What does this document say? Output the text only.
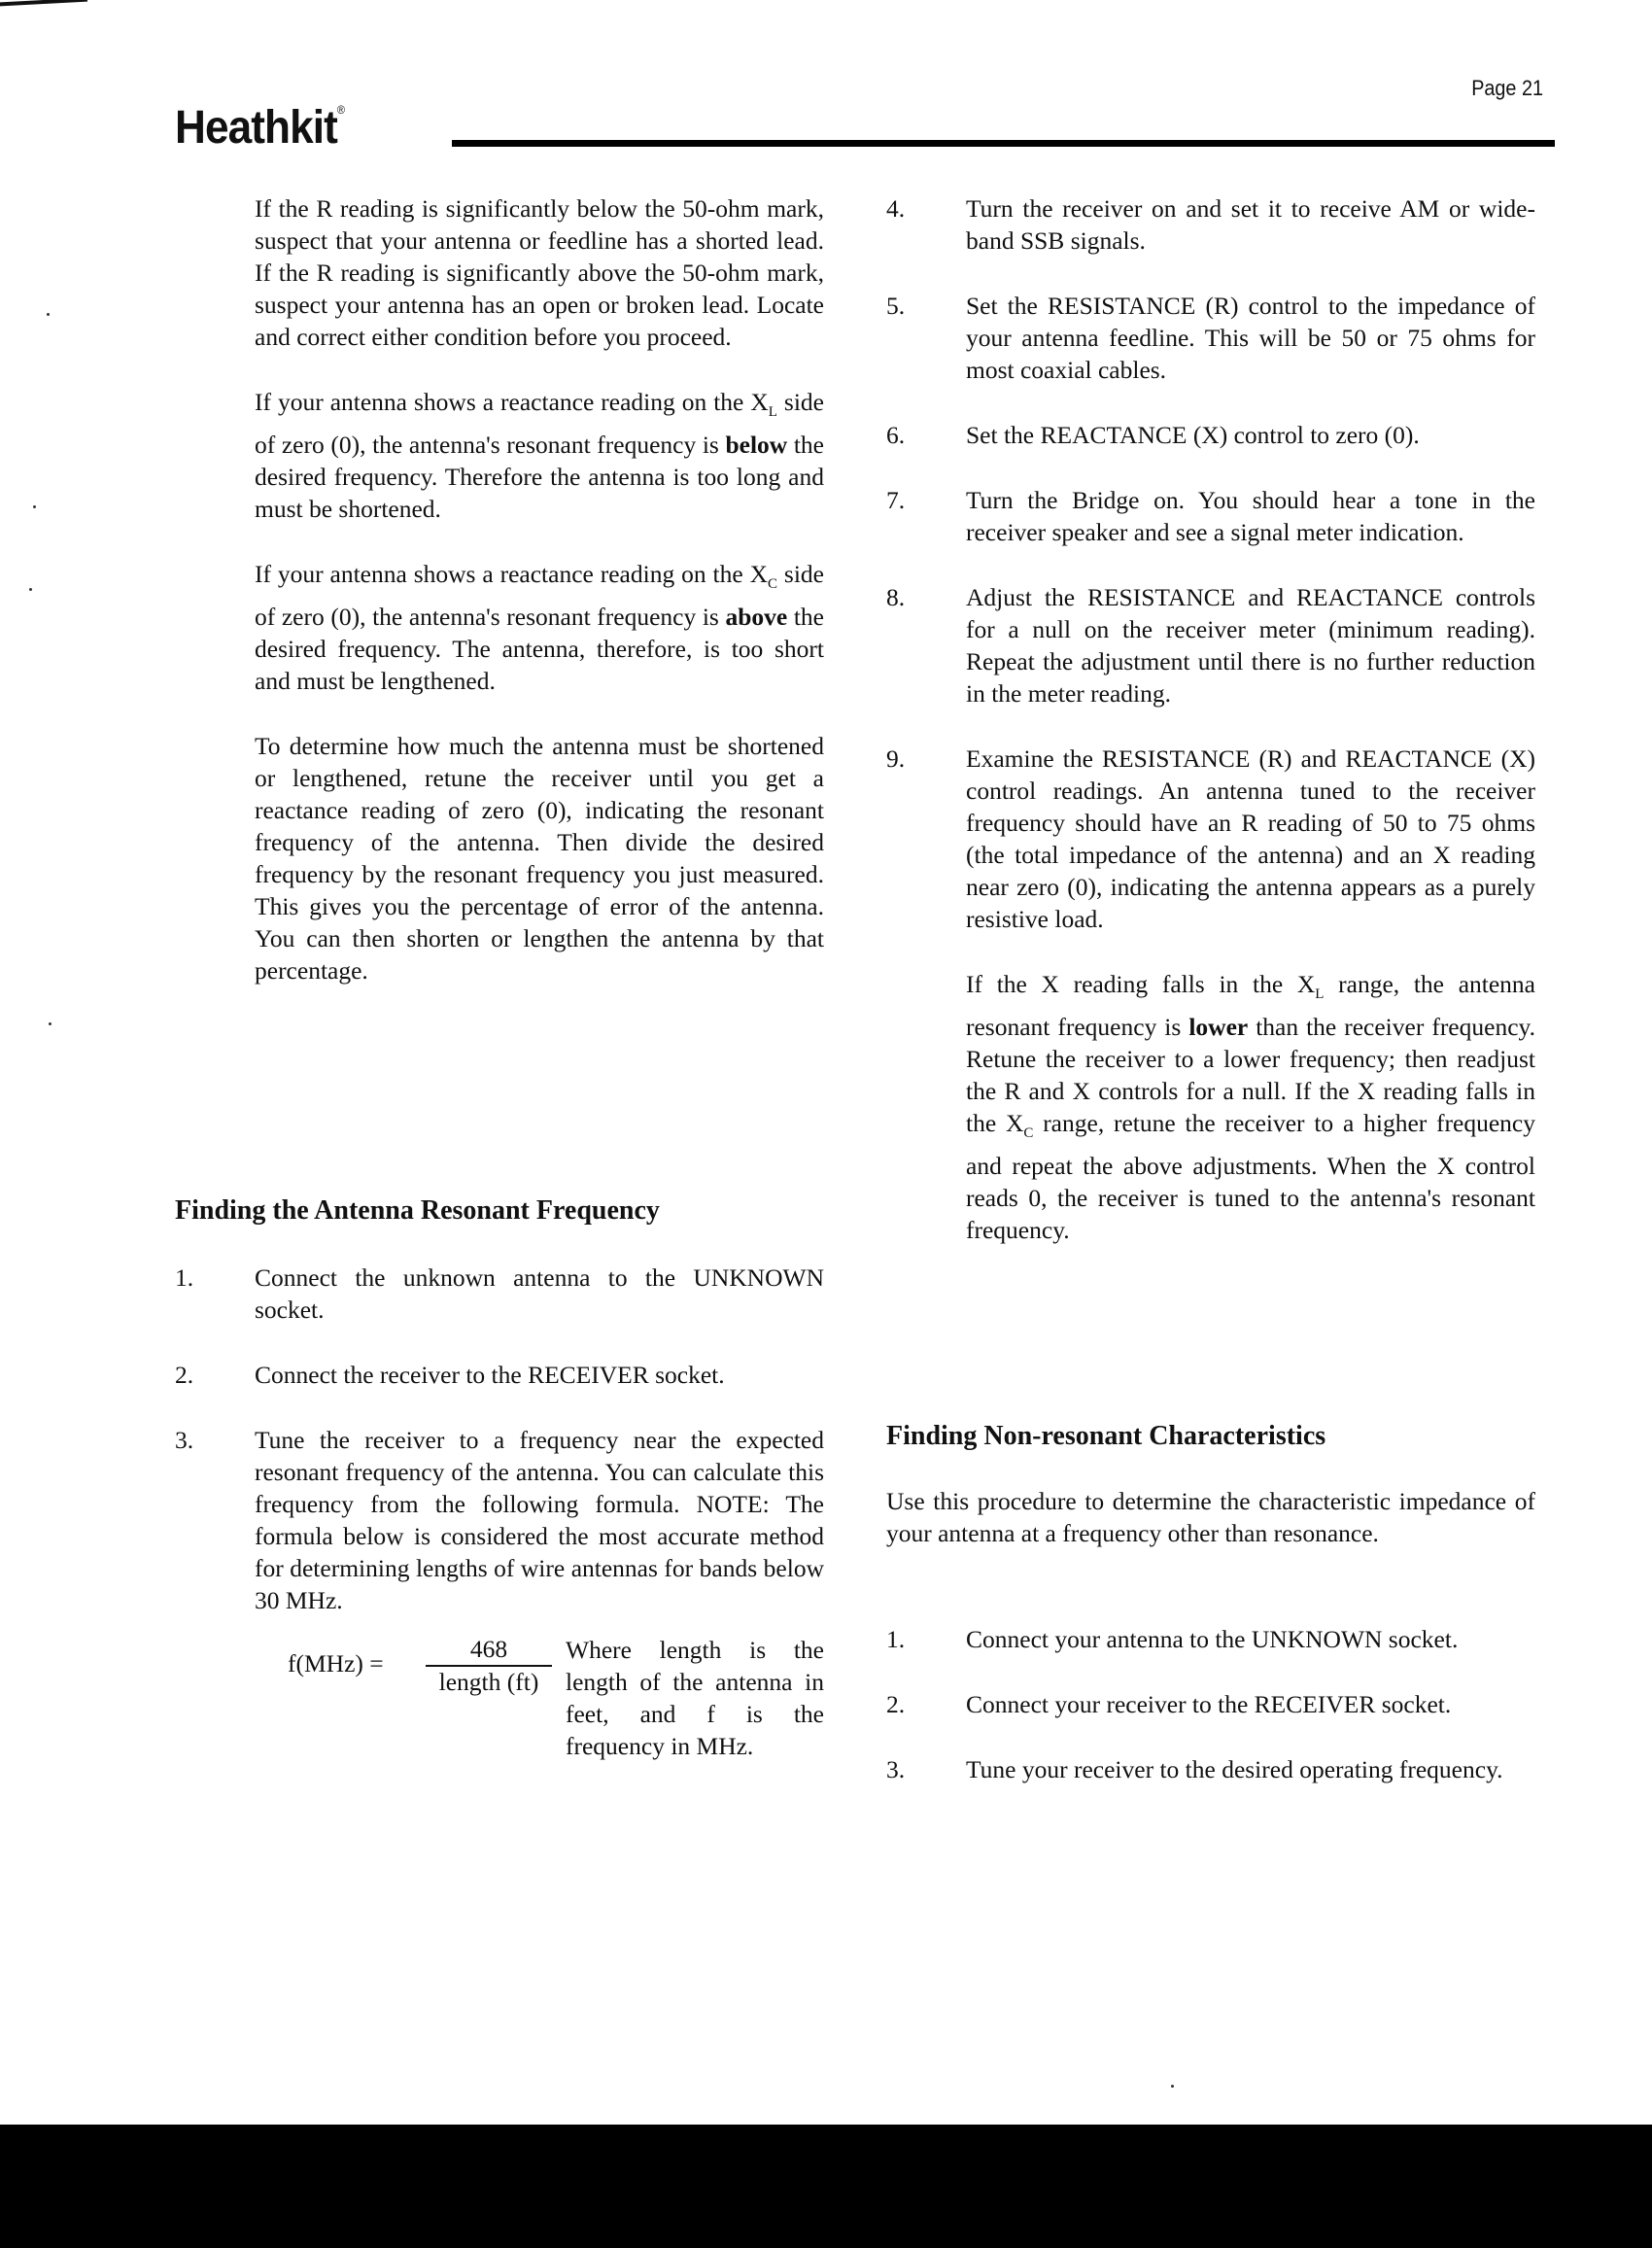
Heathkit®
Page 21

If the R reading is significantly below the 50-ohm mark, suspect that your antenna or feedline has a shorted lead. If the R reading is significantly above the 50-ohm mark, suspect your antenna has an open or broken lead. Locate and correct either condition before you proceed.

If your antenna shows a reactance reading on the $X_L$ side of zero (0), the antenna's resonant frequency is below the desired frequency. Therefore the antenna is too long and must be shortened.

If your antenna shows a reactance reading on the $X_C$ side of zero (0), the antenna's resonant frequency is above the desired frequency. The antenna, therefore, is too short and must be lengthened.

To determine how much the antenna must be shortened or lengthened, retune the receiver until you get a reactance reading of zero (0), indicating the resonant frequency of the antenna. Then divide the desired frequency by the resonant frequency you just measured. This gives you the percentage of error of the antenna. You can then shorten or lengthen the antenna by that percentage.

Finding the Antenna Resonant Frequency
1.	Connect the unknown antenna to the UNKNOWN socket.
2.	Connect the receiver to the RECEIVER socket.
3.	Tune the receiver to a frequency near the expected resonant frequency of the antenna. You can calculate this frequency from the following formula. NOTE: The formula below is considered the most accurate method for determining lengths of wire antennas for bands below 30 MHz.
f(MHz) =	$\frac{468}{\text{length (ft)}}$ Where length is the length of the antenna in feet, and f is the frequency in MHz.
4.	Turn the receiver on and set it to receive AM or wide-band SSB signals.
5.	Set the RESISTANCE (R) control to the impedance of your antenna feedline. This will be 50 or 75 ohms for most coaxial cables.
6.	Set the REACTANCE (X) control to zero (0).
7.	Turn the Bridge on. You should hear a tone in the receiver speaker and see a signal meter indication.
8.	Adjust the RESISTANCE and REACTANCE controls for a null on the receiver meter (minimum reading). Repeat the adjustment until there is no further reduction in the meter reading.
9.	Examine the RESISTANCE (R) and REACTANCE (X) control readings. An antenna tuned to the receiver frequency should have an R reading of 50 to 75 ohms (the total impedance of the antenna) and an X reading near zero (0), indicating the antenna appears as a purely resistive load.

If the X reading falls in the $X_L$ range, the antenna resonant frequency is lower than the receiver frequency. Retune the receiver to a lower frequency; then readjust the R and X controls for a null. If the X reading falls in the $X_C$ range, retune the receiver to a higher frequency and repeat the above adjustments. When the X control reads 0, the receiver is tuned to the antenna's resonant frequency.

Finding Non-resonant Characteristics

Use this procedure to determine the characteristic impedance of your antenna at a frequency other than resonance.

1.	Connect your antenna to the UNKNOWN socket.
2.	Connect your receiver to the RECEIVER socket.
3.	Tune your receiver to the desired operating frequency.
